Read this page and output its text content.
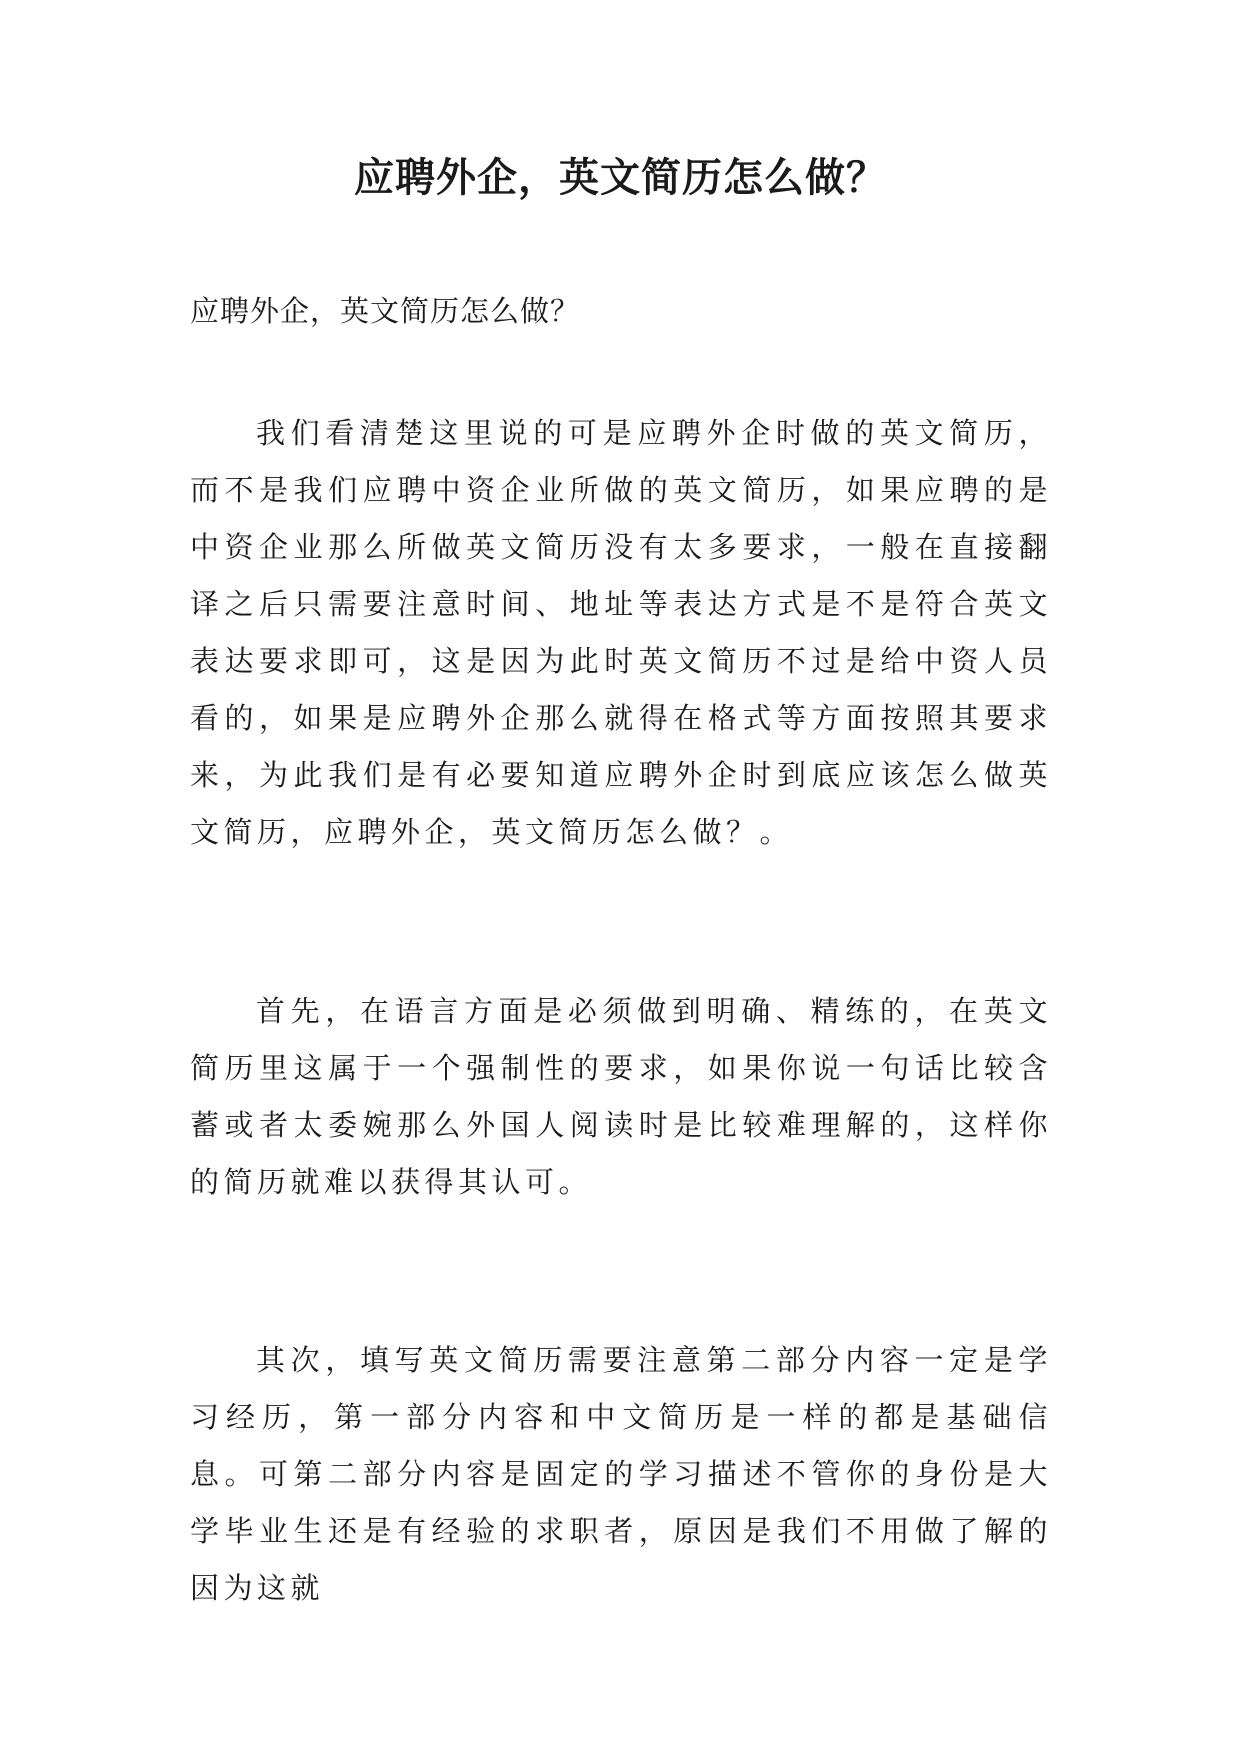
应聘外企，英文简历怎么做？

应聘外企，英文简历怎么做？

我们看清楚这里说的可是应聘外企时做的英文简历，而不是我们应聘中资企业所做的英文简历，如果应聘的是中资企业那么所做英文简历没有太多要求，一般在直接翻译之后只需要注意时间、地址等表达方式是不是符合英文表达要求即可，这是因为此时英文简历不过是给中资人员看的，如果是应聘外企那么就得在格式等方面按照其要求来，为此我们是有必要知道应聘外企时到底应该怎么做英文简历，应聘外企，英文简历怎么做？。

首先，在语言方面是必须做到明确、精练的，在英文简历里这属于一个强制性的要求，如果你说一句话比较含蓄或者太委婉那么外国人阅读时是比较难理解的，这样你的简历就难以获得其认可。

其次，填写英文简历需要注意第二部分内容一定是学习经历，第一部分内容和中文简历是一样的都是基础信息。可第二部分内容是固定的学习描述不管你的身份是大学毕业生还是有经验的求职者，原因是我们不用做了解的因为这就
